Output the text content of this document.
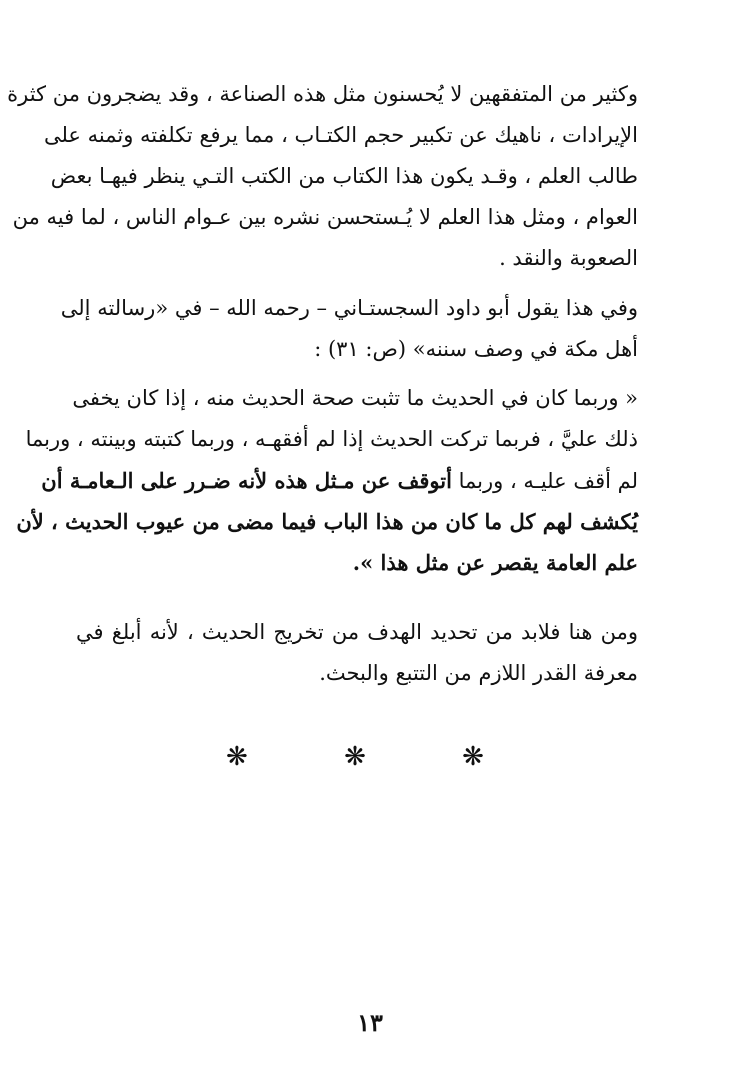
وكثير من المتفقهين لا يُحسنون مثل هذه الصناعة ، وقد يضجرون من كثرة
الإيرادات ، ناهيك عن تكبير حجم الكتـاب ، مما يرفع تكلفته وثمنه على
طالب العلم ، وقـد يكون هذا الكتاب من الكتب التـي ينظر فيهـا بعض
العوام ، ومثل هذا العلم لا يُـستحسن نشره بين عـوام الناس ، لما فيه من
الصعوبة والنقد .
وفي هذا يقول أبو داود السجستـاني – رحمه الله – في «رسالته إلى
أهل مكة في وصف سننه» (ص: ٣١) :
« وربما كان في الحديث ما تثبت صحة الحديث منه ، إذا كان يخفى
ذلك عليَّ ، فربما تركت الحديث إذا لم أفقهـه ، وربما كتبته وبينته ، وربما
لم أقف عليـه ، وربما أتوقف عن مـثل هذه لأنه ضـرر على الـعامـة أن
يُكشف لهم كل ما كان من هذا الباب فيما مضى من عيوب الحديث ، لأن
علم العامة يقصر عن مثل هذا ».
ومن هنا فلابد من تحديد الهدف من تخريج الحديث ، لأنه أبلغ في
معرفة القدر اللازم من التتبع والبحث.
❋	❋	❋
١٣
